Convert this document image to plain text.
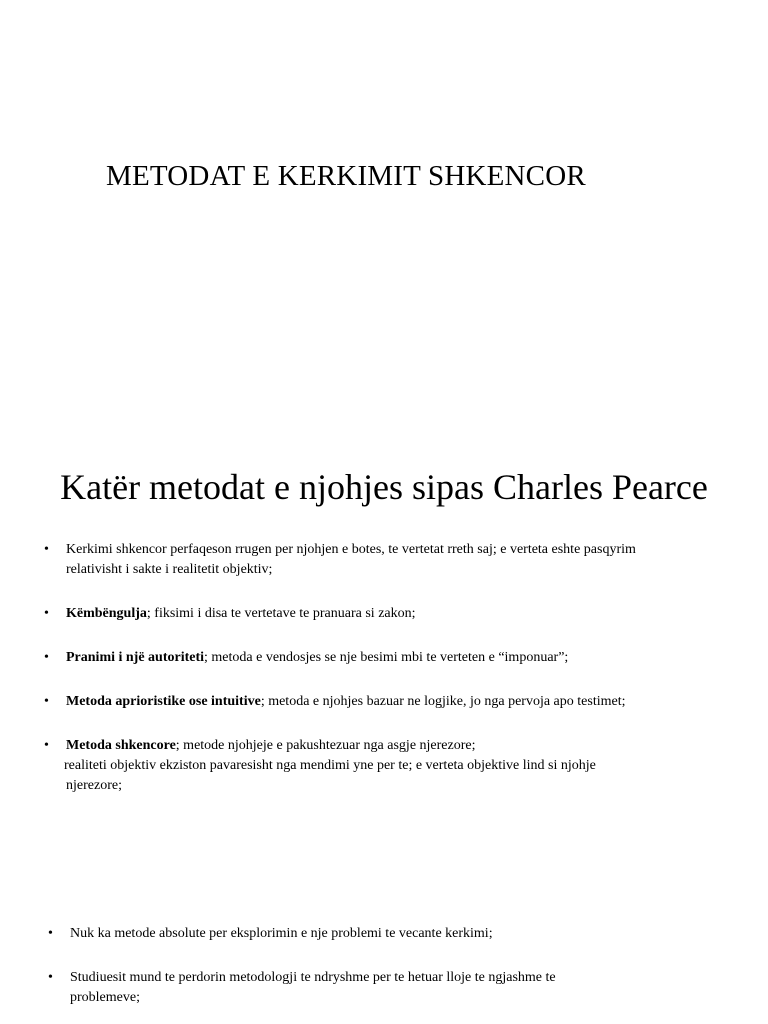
METODAT E KERKIMIT SHKENCOR
Katër metodat e njohjes sipas Charles Pearce
• Kerkimi shkencor perfaqeson rrugen per njohjen e botes, te vertetat rreth saj; e verteta eshte pasqyrim
relativisht i sakte i realitetit objektiv;
• Këmbëngulja; fiksimi i disa te vertetave te pranuara si zakon;
• Pranimi i një autoriteti; metoda e vendosjes se nje besimi mbi te verteten e “imponuar”;
• Metoda aprioristike ose intuitive; metoda e njohjes bazuar ne logjike, jo nga pervoja apo testimet;
• Metoda shkencore; metode njohjeje e pakushtezuar nga asgje njerezore;
realiteti objektiv ekziston pavaresisht nga mendimi yne per te; e verteta objektive lind si njohje
njerezore;
• Nuk ka metode absolute per eksplorimin e nje problemi te vecante kerkimi;
• Studiuesit mund te perdorin metodologji te ndryshme per te hetuar lloje te ngjashme te
problemeve;
